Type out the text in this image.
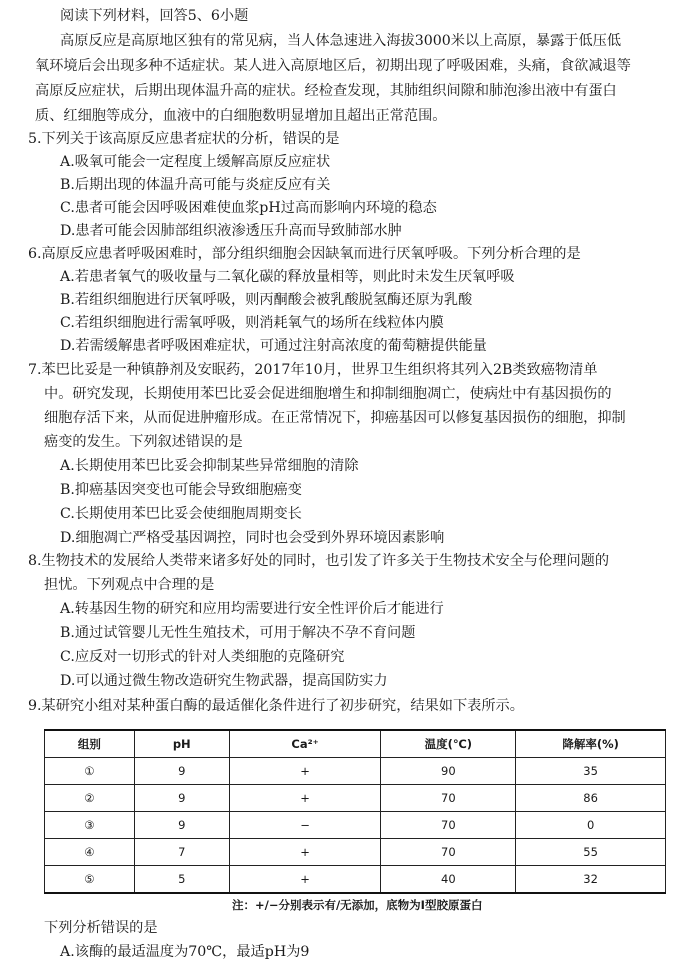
阅读下列材料，回答5、6小题
高原反应是高原地区独有的常见病，当人体急速进入海拔3000米以上高原，暴露于低压低
氧环境后会出现多种不适症状。某人进入高原地区后，初期出现了呼吸困难，头痛，食欲减退等
高原反应症状，后期出现体温升高的症状。经检查发现，其肺组织间隙和肺泡渗出液中有蛋白
质、红细胞等成分，血液中的白细胞数明显增加且超出正常范围。
5.下列关于该高原反应患者症状的分析，错误的是
A.吸氧可能会一定程度上缓解高原反应症状
B.后期出现的体温升高可能与炎症反应有关
C.患者可能会因呼吸困难使血浆pH过高而影响内环境的稳态
D.患者可能会因肺部组织液渗透压升高而导致肺部水肿
6.高原反应患者呼吸困难时，部分组织细胞会因缺氧而进行厌氧呼吸。下列分析合理的是
A.若患者氧气的吸收量与二氧化碳的释放量相等，则此时未发生厌氧呼吸
B.若组织细胞进行厌氧呼吸，则丙酮酸会被乳酸脱氢酶还原为乳酸
C.若组织细胞进行需氧呼吸，则消耗氧气的场所在线粒体内膜
D.若需缓解患者呼吸困难症状，可通过注射高浓度的葡萄糖提供能量
7.苯巴比妥是一种镇静剂及安眠药，2017年10月，世界卫生组织将其列入2B类致癌物清单
中。研究发现，长期使用苯巴比妥会促进细胞增生和抑制细胞凋亡，使病灶中有基因损伤的
细胞存活下来，从而促进肿瘤形成。在正常情况下，抑癌基因可以修复基因损伤的细胞，抑制
癌变的发生。下列叙述错误的是
A.长期使用苯巴比妥会抑制某些异常细胞的清除
B.抑癌基因突变也可能会导致细胞癌变
C.长期使用苯巴比妥会使细胞周期变长
D.细胞凋亡严格受基因调控，同时也会受到外界环境因素影响
8.生物技术的发展给人类带来诸多好处的同时，也引发了许多关于生物技术安全与伦理问题的
担忧。下列观点中合理的是
A.转基因生物的研究和应用均需要进行安全性评价后才能进行
B.通过试管婴儿无性生殖技术，可用于解决不孕不育问题
C.应反对一切形式的针对人类细胞的克隆研究
D.可以通过微生物改造研究生物武器，提高国防实力
9.某研究小组对某种蛋白酶的最适催化条件进行了初步研究，结果如下表所示。
组别	pH	Ca²⁺	温度(℃)	降解率(%)
①	9	+	90	35
②	9	+	70	86
③	9	−	70	0
④	7	+	70	55
⑤	5	+	40	32
注：+/−分别表示有/无添加，底物为Ⅰ型胶原蛋白
下列分析错误的是
A.该酶的最适温度为70℃，最适pH为9
